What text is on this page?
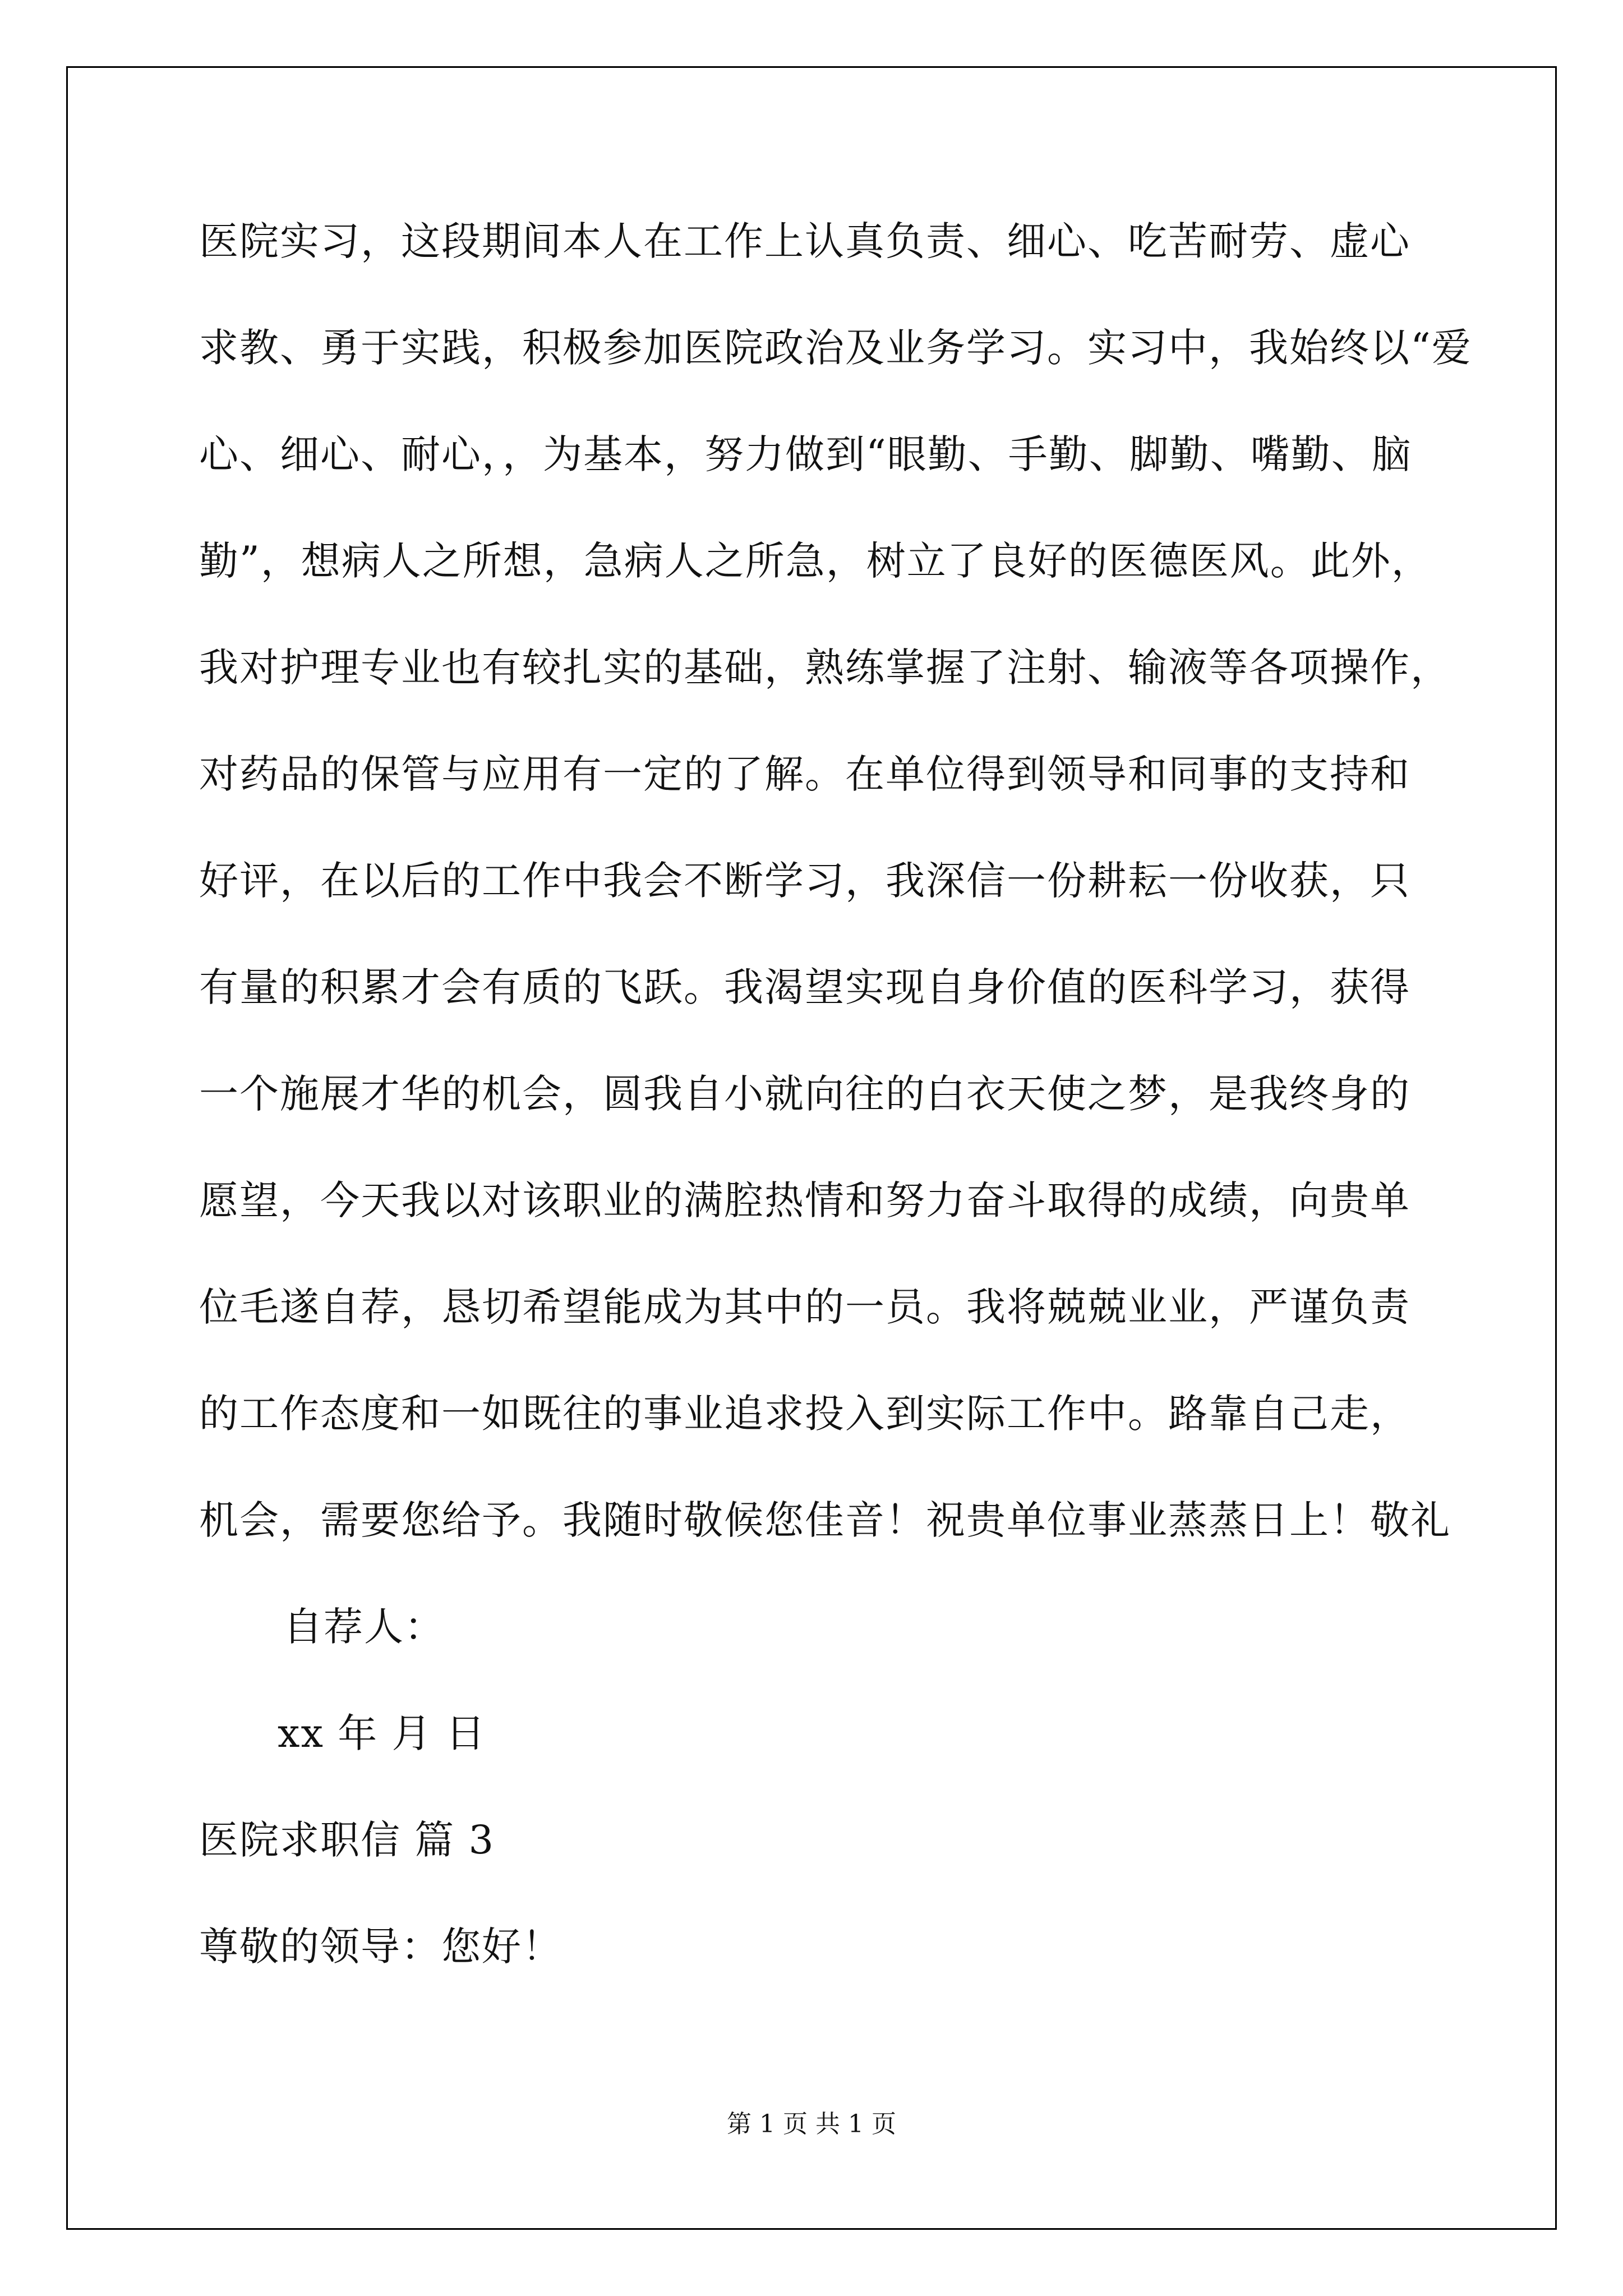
医院实习，这段期间本人在工作上认真负责、细心、吃苦耐劳、虚心
求教、勇于实践，积极参加医院政治及业务学习。实习中，我始终以“爱
心、细心、耐心，，为基本，努力做到“眼勤、手勤、脚勤、嘴勤、脑
勤”，想病人之所想，急病人之所急，树立了良好的医德医风。此外，
我对护理专业也有较扎实的基础，熟练掌握了注射、输液等各项操作，
对药品的保管与应用有一定的了解。在单位得到领导和同事的支持和
好评，在以后的工作中我会不断学习，我深信一份耕耘一份收获，只
有量的积累才会有质的飞跃。我渴望实现自身价值的医科学习，获得
一个施展才华的机会，圆我自小就向往的白衣天使之梦，是我终身的
愿望，今天我以对该职业的满腔热情和努力奋斗取得的成绩，向贵单
位毛遂自荐，恳切希望能成为其中的一员。我将兢兢业业，严谨负责
的工作态度和一如既往的事业追求投入到实际工作中。路靠自己走，
机会，需要您给予。我随时敬候您佳音！祝贵单位事业蒸蒸日上！敬礼
自荐人：
xx 年 月 日
医院求职信 篇 3
尊敬的领导：您好！
第 1 页 共 1 页
